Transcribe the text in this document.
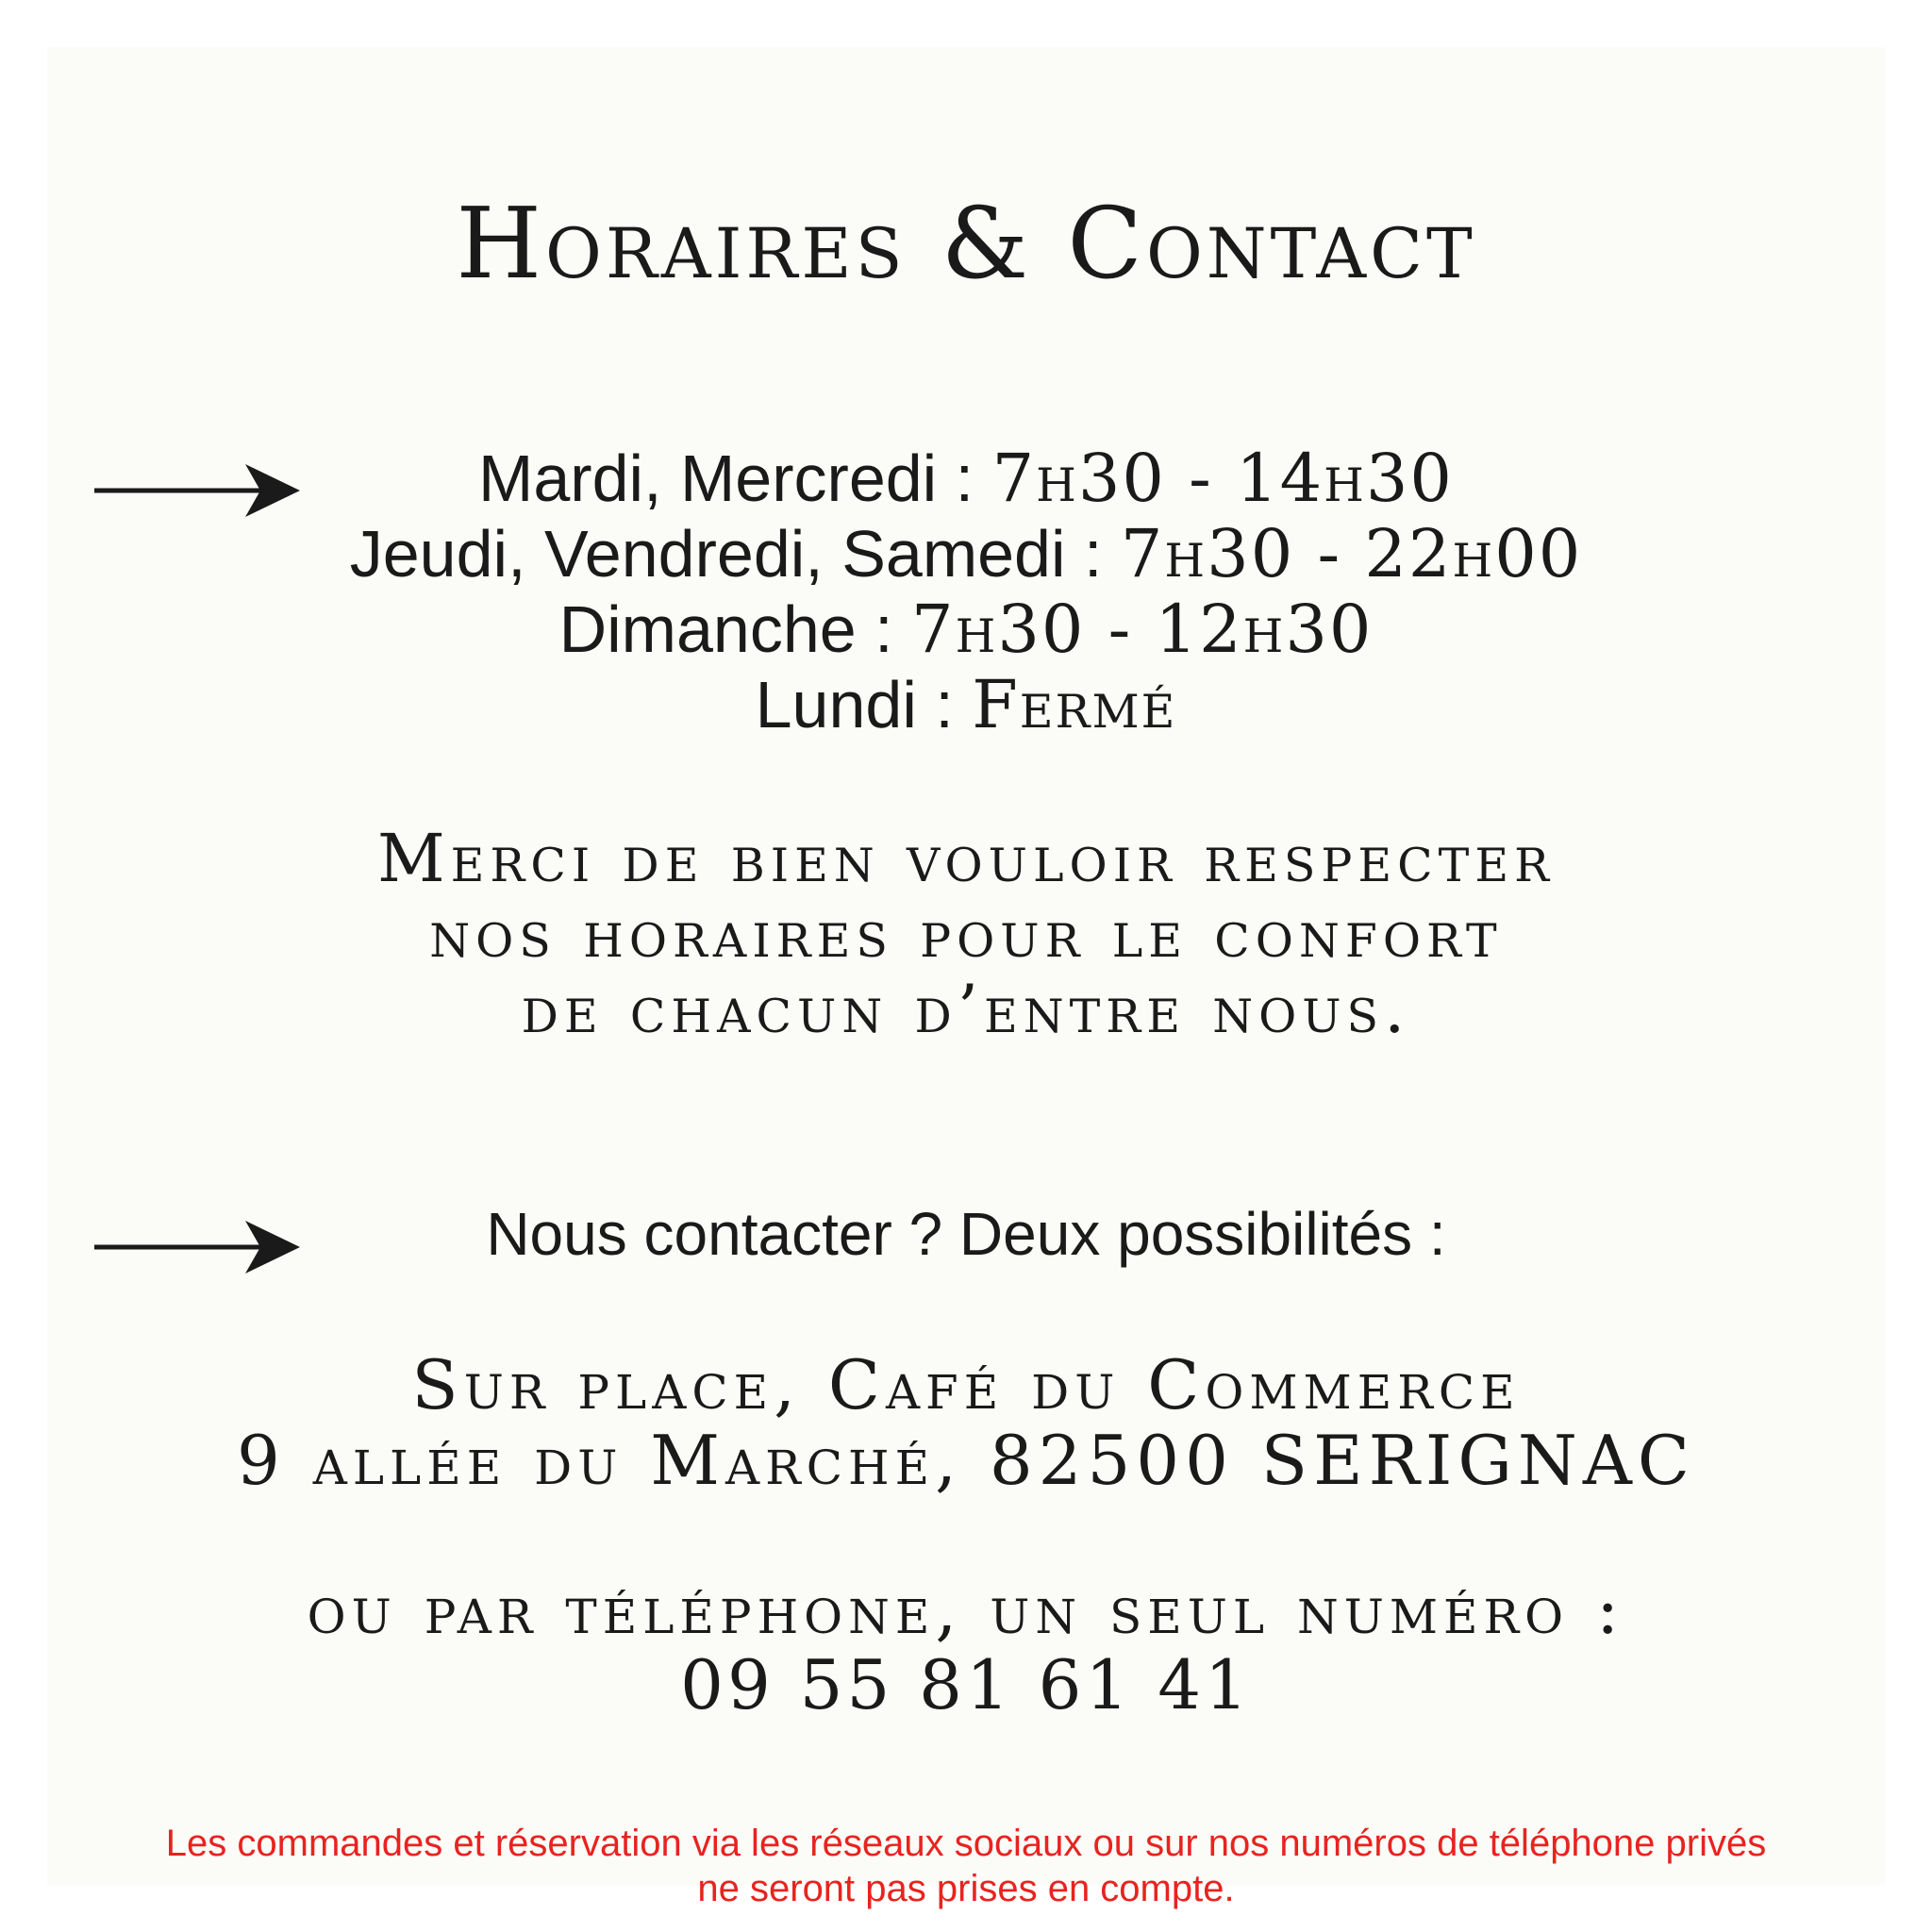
Horaires & Contact
Mardi, Mercredi : 7h30 - 14h30
Jeudi, Vendredi, Samedi : 7h30 - 22h00
Dimanche : 7h30 - 12h30
Lundi : Fermé
Merci de bien vouloir respecter
nos horaires pour le confort
de chacun d’entre nous.
Nous contacter ? Deux possibilités :
Sur place, Café du Commerce
9 allée du Marché, 82500 SERIGNAC
ou par téléphone, un seul numéro :
09 55 81 61 41
Les commandes et réservation via les réseaux sociaux ou sur nos numéros de téléphone privés
ne seront pas prises en compte.
